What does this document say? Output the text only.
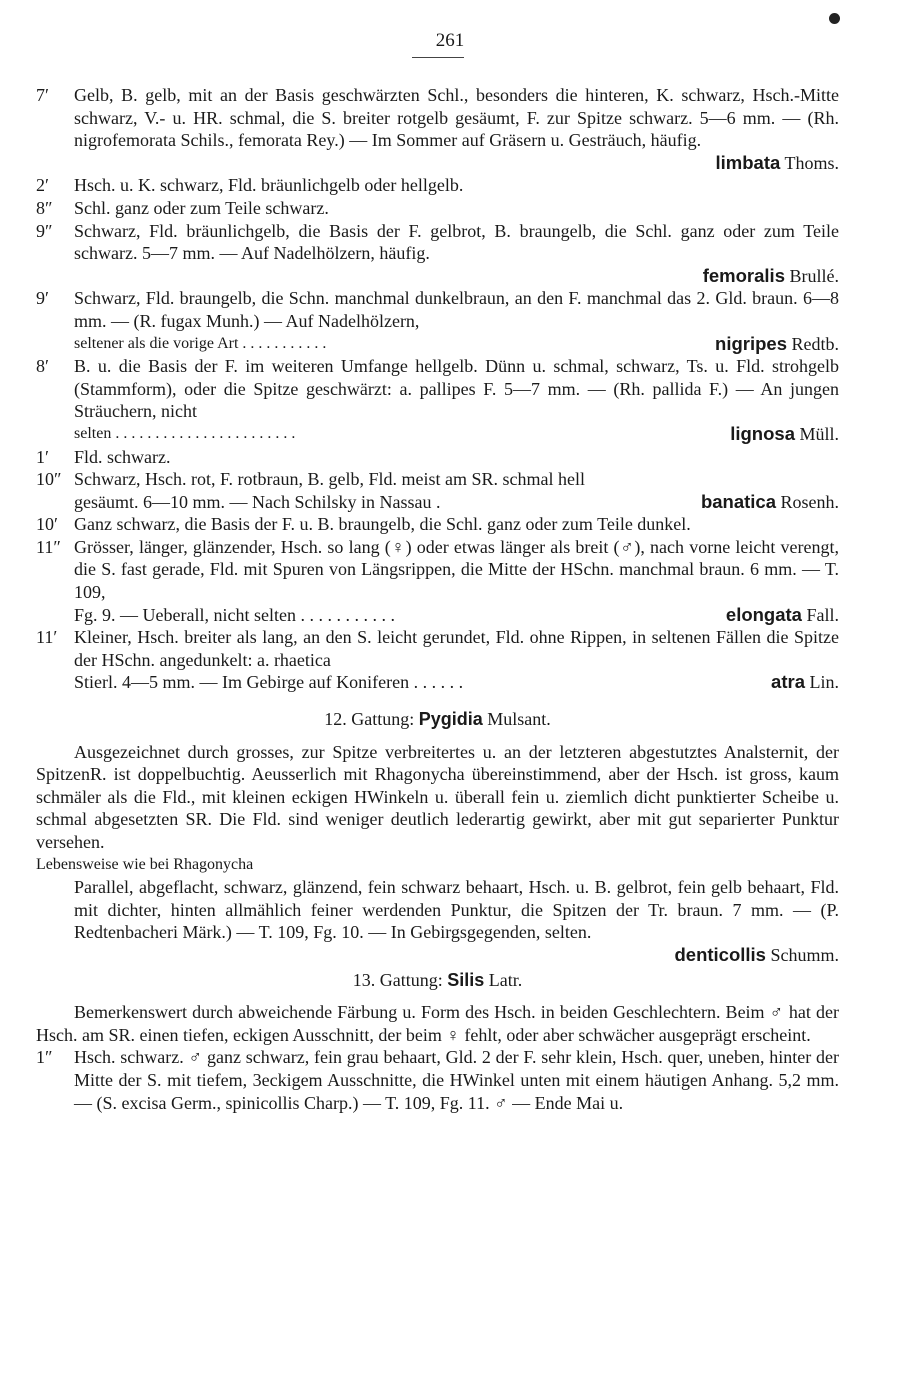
261
7′	Gelb, B. gelb, mit an der Basis geschwärzten Schl., besonders die hinteren, K. schwarz, Hsch.-Mitte schwarz, V.- u. HR. schmal, die S. breiter rotgelb gesäumt, F. zur Spitze schwarz. 5—6 mm. — (Rh. nigrofemorata Schils., femorata Rey.) — Im Sommer auf Gräsern u. Gesträuch, häufig.
limbata Thoms.
2′	Hsch. u. K. schwarz, Fld. bräunlichgelb oder hellgelb.
8″	Schl. ganz oder zum Teile schwarz.
9″	Schwarz, Fld. bräunlichgelb, die Basis der F. gelbrot, B. braungelb, die Schl. ganz oder zum Teile schwarz. 5—7 mm. — Auf Nadelhölzern, häufig.
femoralis Brullé.
9′	Schwarz, Fld. braungelb, die Schn. manchmal dunkelbraun, an den F. manchmal das 2. Gld. braun. 6—8 mm. — (R. fugax Munh.) — Auf Nadelhölzern,
seltener als die vorige Art . . . . . . . . . . .	nigripes Redtb.
8′	B. u. die Basis der F. im weiteren Umfange hellgelb. Dünn u. schmal, schwarz, Ts. u. Fld. strohgelb (Stammform), oder die Spitze geschwärzt: a. pallipes F. 5—7 mm. — (Rh. pallida F.) — An jungen Sträuchern, nicht
selten . . . . . . . . . . . . . . . . . . . . . . .	lignosa Müll.
1′	Fld. schwarz.
10″ Schwarz, Hsch. rot, F. rotbraun, B. gelb, Fld. meist am SR. schmal hell
gesäumt. 6—10 mm. — Nach Schilsky in Nassau .	banatica Rosenh.
10′ Ganz schwarz, die Basis der F. u. B. braungelb, die Schl. ganz oder zum Teile dunkel.
11″ Grösser, länger, glänzender, Hsch. so lang (♀) oder etwas länger als breit (♂), nach vorne leicht verengt, die S. fast gerade, Fld. mit Spuren von Längsrippen, die Mitte der HSchn. manchmal braun. 6 mm. — T. 109,
Fg. 9. — Ueberall, nicht selten . . . . . . . . . . .	elongata Fall.
11′ Kleiner, Hsch. breiter als lang, an den S. leicht gerundet, Fld. ohne Rippen, in seltenen Fällen die Spitze der HSchn. angedunkelt: a. rhaetica
Stierl. 4—5 mm. — Im Gebirge auf Koniferen . . . . . .	atra Lin.
12. Gattung: Pygidia Mulsant.
Ausgezeichnet durch grosses, zur Spitze verbreitertes u. an der letzteren abgestutztes Analsternit, der SpitzenR. ist doppelbuchtig. Aeusserlich mit Rhagonycha übereinstimmend, aber der Hsch. ist gross, kaum schmäler als die Fld., mit kleinen eckigen HWinkeln u. überall fein u. ziemlich dicht punktierter Scheibe u. schmal abgesetzten SR. Die Fld. sind weniger deutlich lederartig gewirkt, aber mit gut separierter Punktur versehen.
Lebensweise wie bei Rhagonycha
Parallel, abgeflacht, schwarz, glänzend, fein schwarz behaart, Hsch. u. B. gelbrot, fein gelb behaart, Fld. mit dichter, hinten allmählich feiner werdenden Punktur, die Spitzen der Tr. braun. 7 mm. — (P. Redtenbacheri Märk.) — T. 109, Fg. 10. — In Gebirgsgegenden, selten.
denticollis Schumm.
13. Gattung: Silis Latr.
Bemerkenswert durch abweichende Färbung u. Form des Hsch. in beiden Geschlechtern. Beim ♂ hat der Hsch. am SR. einen tiefen, eckigen Ausschnitt, der beim ♀ fehlt, oder aber schwächer ausgeprägt erscheint.
1″	Hsch. schwarz. ♂ ganz schwarz, fein grau behaart, Gld. 2 der F. sehr klein, Hsch. quer, uneben, hinter der Mitte der S. mit tiefem, 3eckigem Ausschnitte, die HWinkel unten mit einem häutigen Anhang. 5,2 mm. — (S. excisa Germ., spinicollis Charp.) — T. 109, Fg. 11. ♂ — Ende Mai u.
